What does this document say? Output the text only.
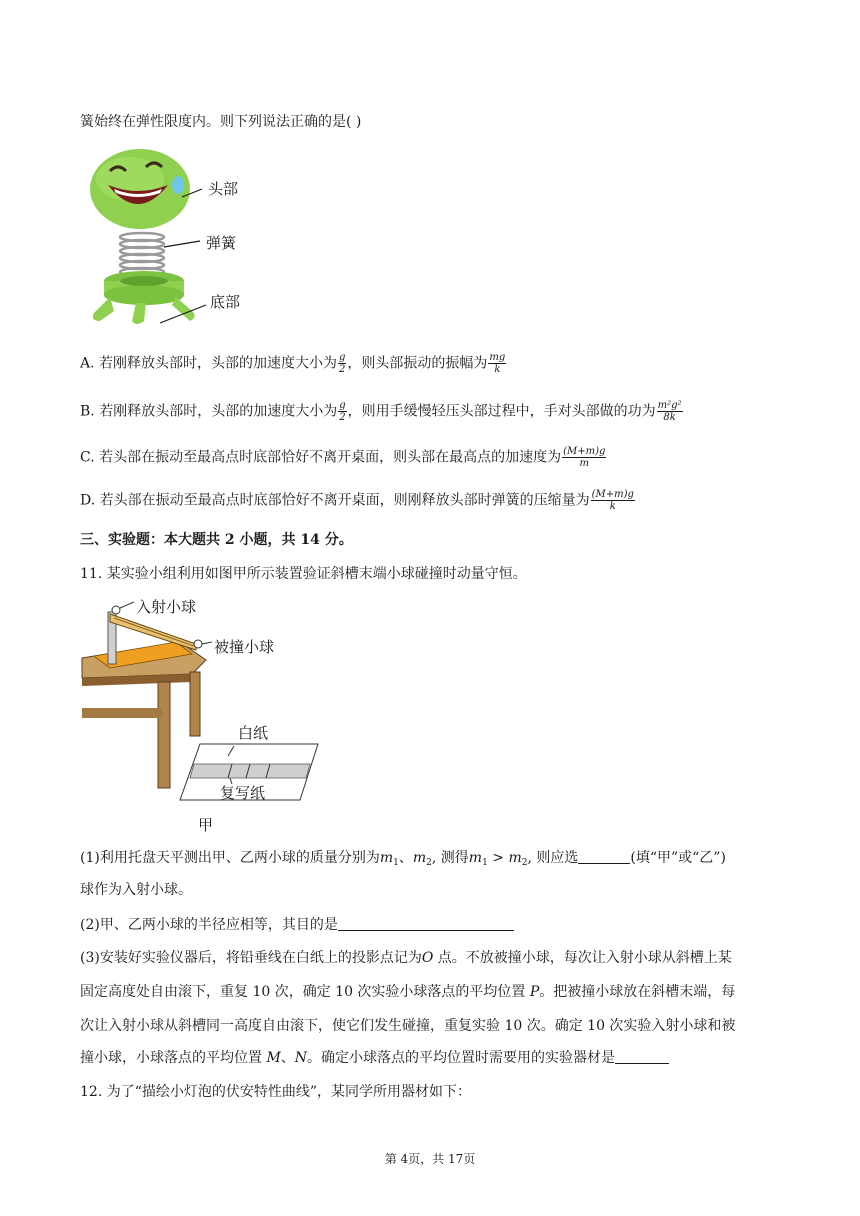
簧始终在弹性限度内。则下列说法正确的是( )
头部
弹簧
底部
A. 若刚释放头部时，头部的加速度大小为 $\frac{g}{2}$ ，则头部振动的振幅为 $\frac{mg}{k}$
B. 若刚释放头部时，头部的加速度大小为 $\frac{g}{2}$ ，则用手缓慢轻压头部过程中，手对头部做的功为 $\frac{\text{m²g²}}{8k}$
C. 若头部在振动至最高点时底部恰好不离开桌面，则头部在最高点的加速度为 $\frac{(M+m)g}{m}$
D. 若头部在振动至最高点时底部恰好不离开桌面，则刚释放头部时弹簧的压缩量为 $\frac{(M+m)g}{k}$
三、实验题：本大题共 2 小题，共 14 分。
11. 某实验小组利用如图甲所示装置验证斜槽末端小球碰撞时动量守恒。
入射小球
被撞小球
白纸
复写纸
甲
(1)利用托盘天平测出甲、乙两小球的质量分别为$m_1$、$m_2$, 测得$m_1 > m_2$, 则应选	(填“甲”或“乙”)
球作为入射小球。
(2)甲、乙两小球的半径应相等，其目的是
(3)安装好实验仪器后，将铅垂线在白纸上的投影点记为O 点。不放被撞小球，每次让入射小球从斜槽上某
固定高度处自由滚下，重复 10 次，确定 10 次实验小球落点的平均位置 P。把被撞小球放在斜槽末端，每
次让入射小球从斜槽同一高度自由滚下，使它们发生碰撞，重复实验 10 次。确定 10 次实验入射小球和被
撞小球，小球落点的平均位置 M、N。确定小球落点的平均位置时需要用的实验器材是
12. 为了“描绘小灯泡的伏安特性曲线”，某同学所用器材如下：
第 4页，共 17页
